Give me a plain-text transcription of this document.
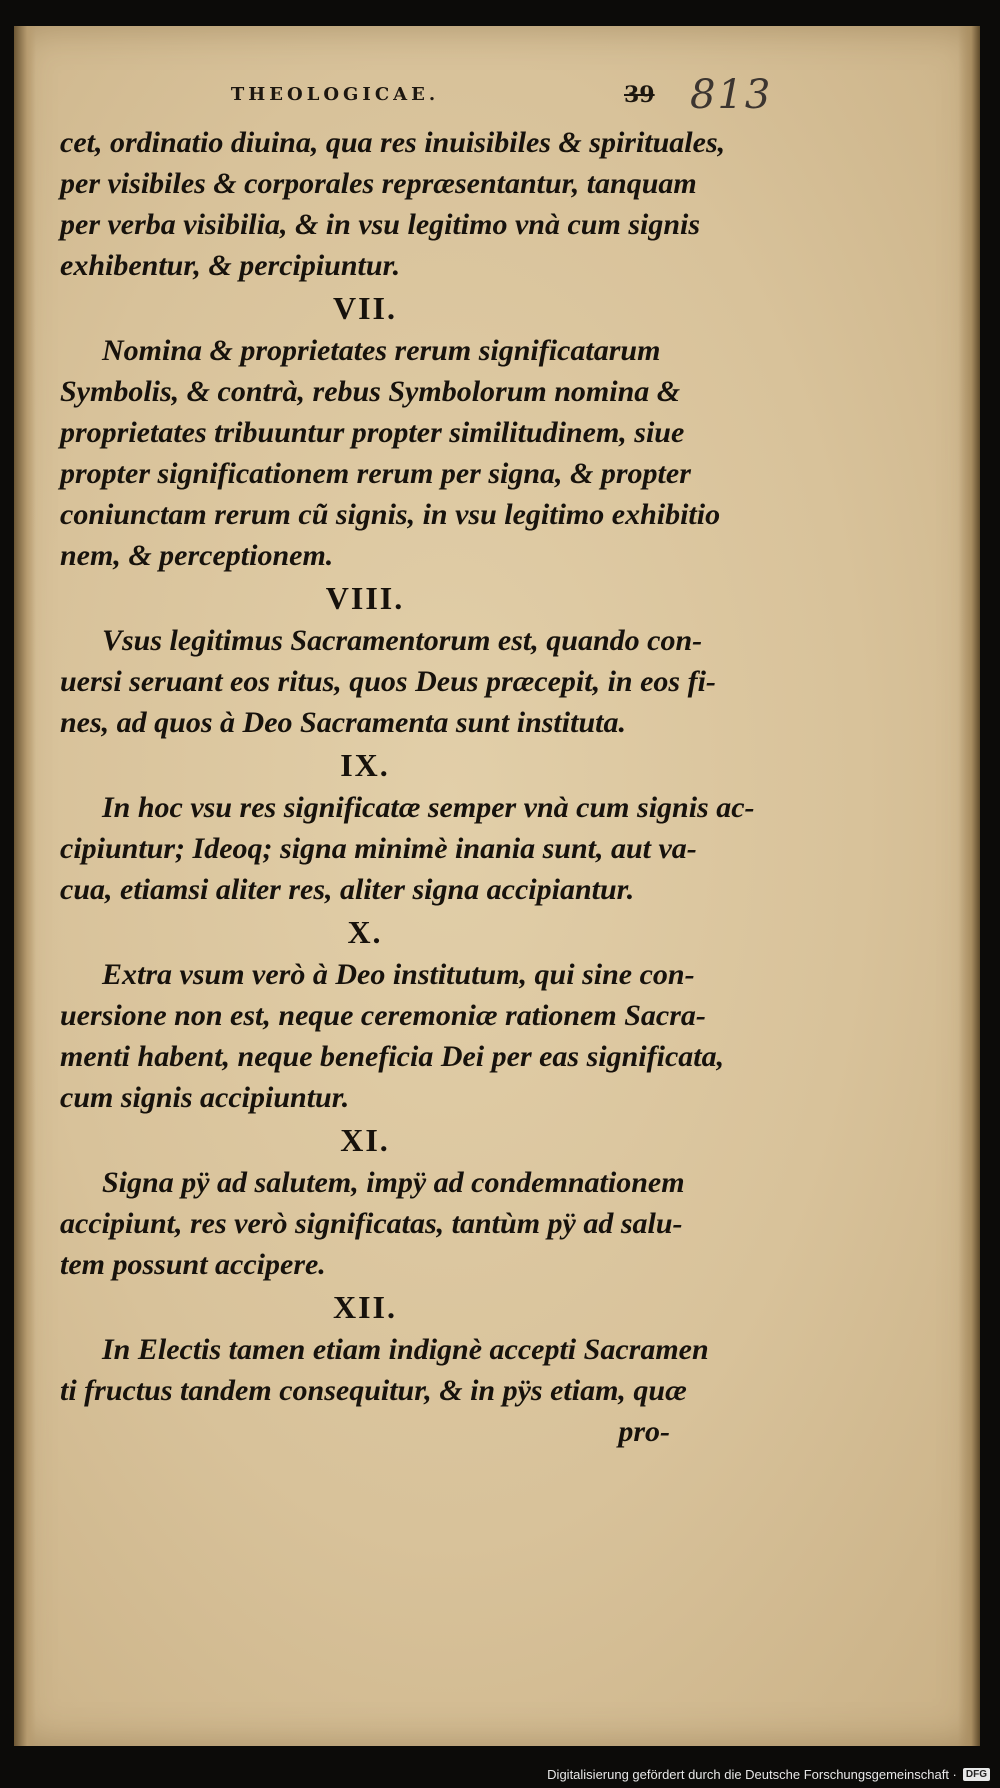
THEOLOGICAE.	39 813
cet, ordinatio diuina, qua res inuisibiles & spirituales,
per visibiles & corporales repræsentantur, tanquam
per verba visibilia, & in vsu legitimo vnà cum signis
exhibentur, & percipiuntur.
VII.
Nomina & proprietates rerum significatarum
Symbolis, & contrà, rebus Symbolorum nomina &
proprietates tribuuntur propter similitudinem, siue
propter significationem rerum per signa, & propter
coniunctam rerum cũ signis, in vsu legitimo exhibitio
nem, & perceptionem.
VIII.
Vsus legitimus Sacramentorum est, quando con-
uersi seruant eos ritus, quos Deus præcepit, in eos fi-
nes, ad quos à Deo Sacramenta sunt instituta.
IX.
In hoc vsu res significatæ semper vnà cum signis ac-
cipiuntur; Ideoq; signa minimè inania sunt, aut va-
cua, etiamsi aliter res, aliter signa accipiantur.
X.
Extra vsum verò à Deo institutum, qui sine con-
uersione non est, neque ceremoniæ rationem Sacra-
menti habent, neque beneficia Dei per eas significata,
cum signis accipiuntur.
XI.
Signa pÿ ad salutem, impÿ ad condemnationem
accipiunt, res verò significatas, tantùm pÿ ad salu-
tem possunt accipere.
XII.
In Electis tamen etiam indignè accepti Sacramen
ti fructus tandem consequitur, & in pÿs etiam, quæ
pro-
Digitalisierung gefördert durch die Deutsche Forschungsgemeinschaft · DFG
